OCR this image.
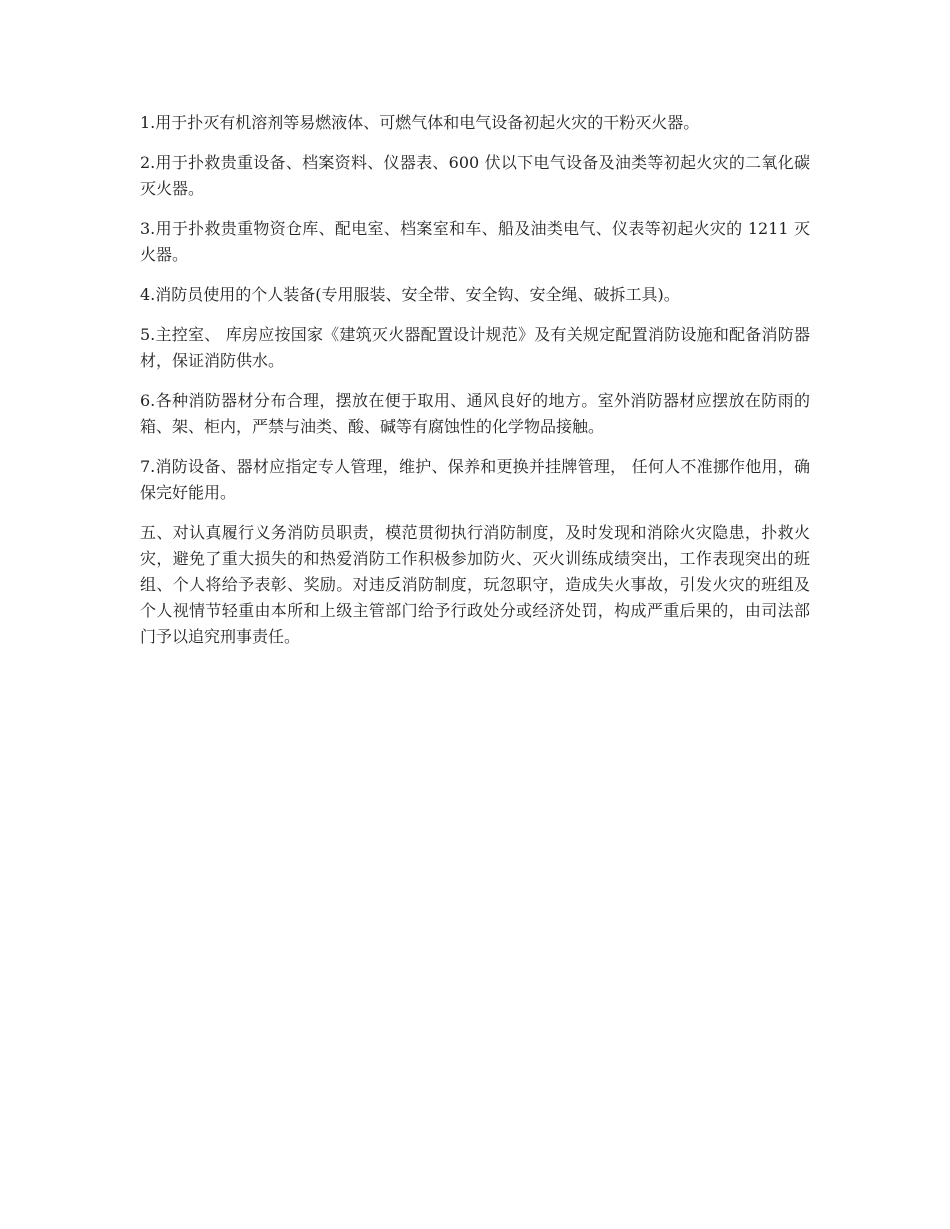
1.用于扑灭有机溶剂等易燃液体、可燃气体和电气设备初起火灾的干粉灭火器。

2.用于扑救贵重设备、档案资料、仪器表、600 伏以下电气设备及油类等初起火灾的二氧化碳灭火器。

3.用于扑救贵重物资仓库、配电室、档案室和车、船及油类电气、仪表等初起火灾的 1211 灭火器。

4.消防员使用的个人装备(专用服装、安全带、安全钩、安全绳、破拆工具)。

5.主控室、 库房应按国家《建筑灭火器配置设计规范》及有关规定配置消防设施和配备消防器材，保证消防供水。

6.各种消防器材分布合理，摆放在便于取用、通风良好的地方。室外消防器材应摆放在防雨的箱、架、柜内，严禁与油类、酸、碱等有腐蚀性的化学物品接触。

7.消防设备、器材应指定专人管理，维护、保养和更换并挂牌管理， 任何人不准挪作他用，确保完好能用。

五、对认真履行义务消防员职责，模范贯彻执行消防制度，及时发现和消除火灾隐患，扑救火灾，避免了重大损失的和热爱消防工作积极参加防火、灭火训练成绩突出，工作表现突出的班组、个人将给予表彰、奖励。对违反消防制度，玩忽职守，造成失火事故，引发火灾的班组及个人视情节轻重由本所和上级主管部门给予行政处分或经济处罚，构成严重后果的，由司法部门予以追究刑事责任。
